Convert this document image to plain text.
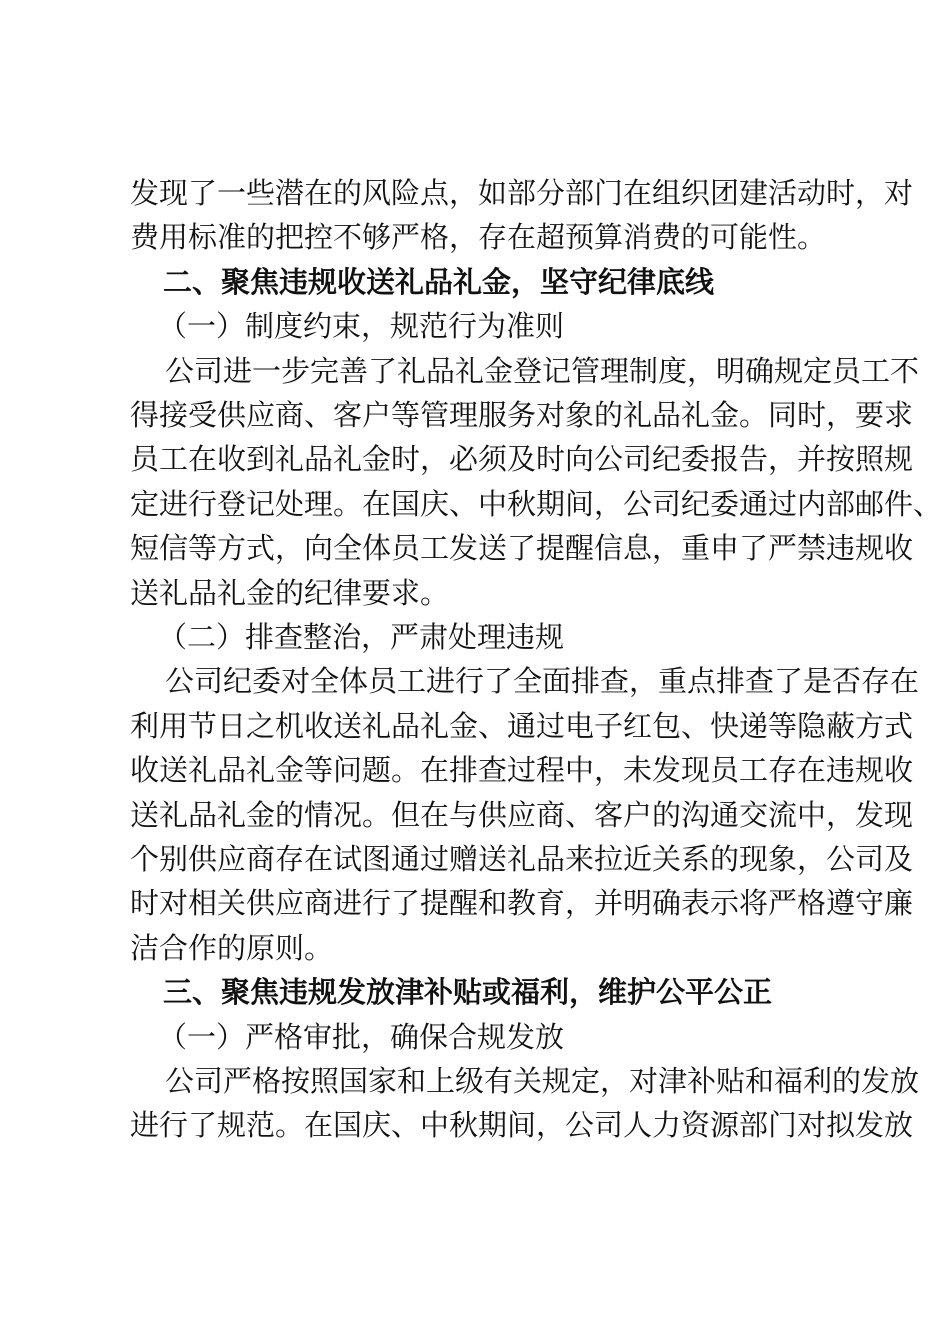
发现了一些潜在的风险点，如部分部门在组织团建活动时，对
费用标准的把控不够严格，存在超预算消费的可能性。
二、聚焦违规收送礼品礼金，坚守纪律底线
（一）制度约束，规范行为准则
公司进一步完善了礼品礼金登记管理制度，明确规定员工不
得接受供应商、客户等管理服务对象的礼品礼金。同时，要求
员工在收到礼品礼金时，必须及时向公司纪委报告，并按照规
定进行登记处理。在国庆、中秋期间，公司纪委通过内部邮件、
短信等方式，向全体员工发送了提醒信息，重申了严禁违规收
送礼品礼金的纪律要求。
（二）排查整治，严肃处理违规
公司纪委对全体员工进行了全面排查，重点排查了是否存在
利用节日之机收送礼品礼金、通过电子红包、快递等隐蔽方式
收送礼品礼金等问题。在排查过程中，未发现员工存在违规收
送礼品礼金的情况。但在与供应商、客户的沟通交流中，发现
个别供应商存在试图通过赠送礼品来拉近关系的现象，公司及
时对相关供应商进行了提醒和教育，并明确表示将严格遵守廉
洁合作的原则。
三、聚焦违规发放津补贴或福利，维护公平公正
（一）严格审批，确保合规发放
公司严格按照国家和上级有关规定，对津补贴和福利的发放
进行了规范。在国庆、中秋期间，公司人力资源部门对拟发放
